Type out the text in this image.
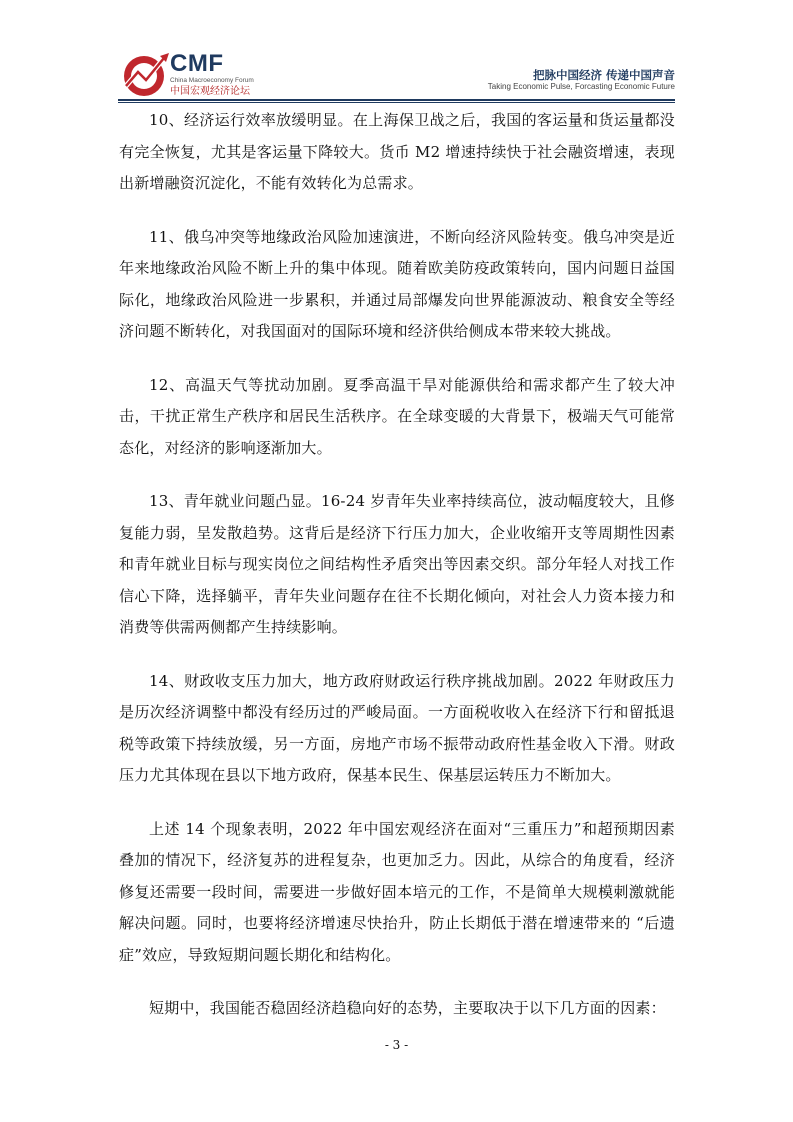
CMF
China Macroeconomy Forum
中国宏观经济论坛
把脉中国经济 传递中国声音
Taking Economic Pulse, Forcasting Economic Future

10、经济运行效率放缓明显。在上海保卫战之后，我国的客运量和货运量都没有完全恢复，尤其是客运量下降较大。货币 M2 增速持续快于社会融资增速，表现出新增融资沉淀化，不能有效转化为总需求。

11、俄乌冲突等地缘政治风险加速演进，不断向经济风险转变。俄乌冲突是近年来地缘政治风险不断上升的集中体现。随着欧美防疫政策转向，国内问题日益国际化，地缘政治风险进一步累积，并通过局部爆发向世界能源波动、粮食安全等经济问题不断转化，对我国面对的国际环境和经济供给侧成本带来较大挑战。

12、高温天气等扰动加剧。夏季高温干旱对能源供给和需求都产生了较大冲击，干扰正常生产秩序和居民生活秩序。在全球变暖的大背景下，极端天气可能常态化，对经济的影响逐渐加大。

13、青年就业问题凸显。16-24 岁青年失业率持续高位，波动幅度较大，且修复能力弱，呈发散趋势。这背后是经济下行压力加大，企业收缩开支等周期性因素和青年就业目标与现实岗位之间结构性矛盾突出等因素交织。部分年轻人对找工作信心下降，选择躺平，青年失业问题存在往不长期化倾向，对社会人力资本接力和消费等供需两侧都产生持续影响。

14、财政收支压力加大，地方政府财政运行秩序挑战加剧。2022 年财政压力是历次经济调整中都没有经历过的严峻局面。一方面税收收入在经济下行和留抵退税等政策下持续放缓，另一方面，房地产市场不振带动政府性基金收入下滑。财政压力尤其体现在县以下地方政府，保基本民生、保基层运转压力不断加大。

上述 14 个现象表明，2022 年中国宏观经济在面对“三重压力”和超预期因素叠加的情况下，经济复苏的进程复杂，也更加乏力。因此，从综合的角度看，经济修复还需要一段时间，需要进一步做好固本培元的工作，不是简单大规模刺激就能解决问题。同时，也要将经济增速尽快抬升，防止长期低于潜在增速带来的 “后遗症”效应，导致短期问题长期化和结构化。

短期中，我国能否稳固经济趋稳向好的态势，主要取决于以下几方面的因素：

- 3 -
